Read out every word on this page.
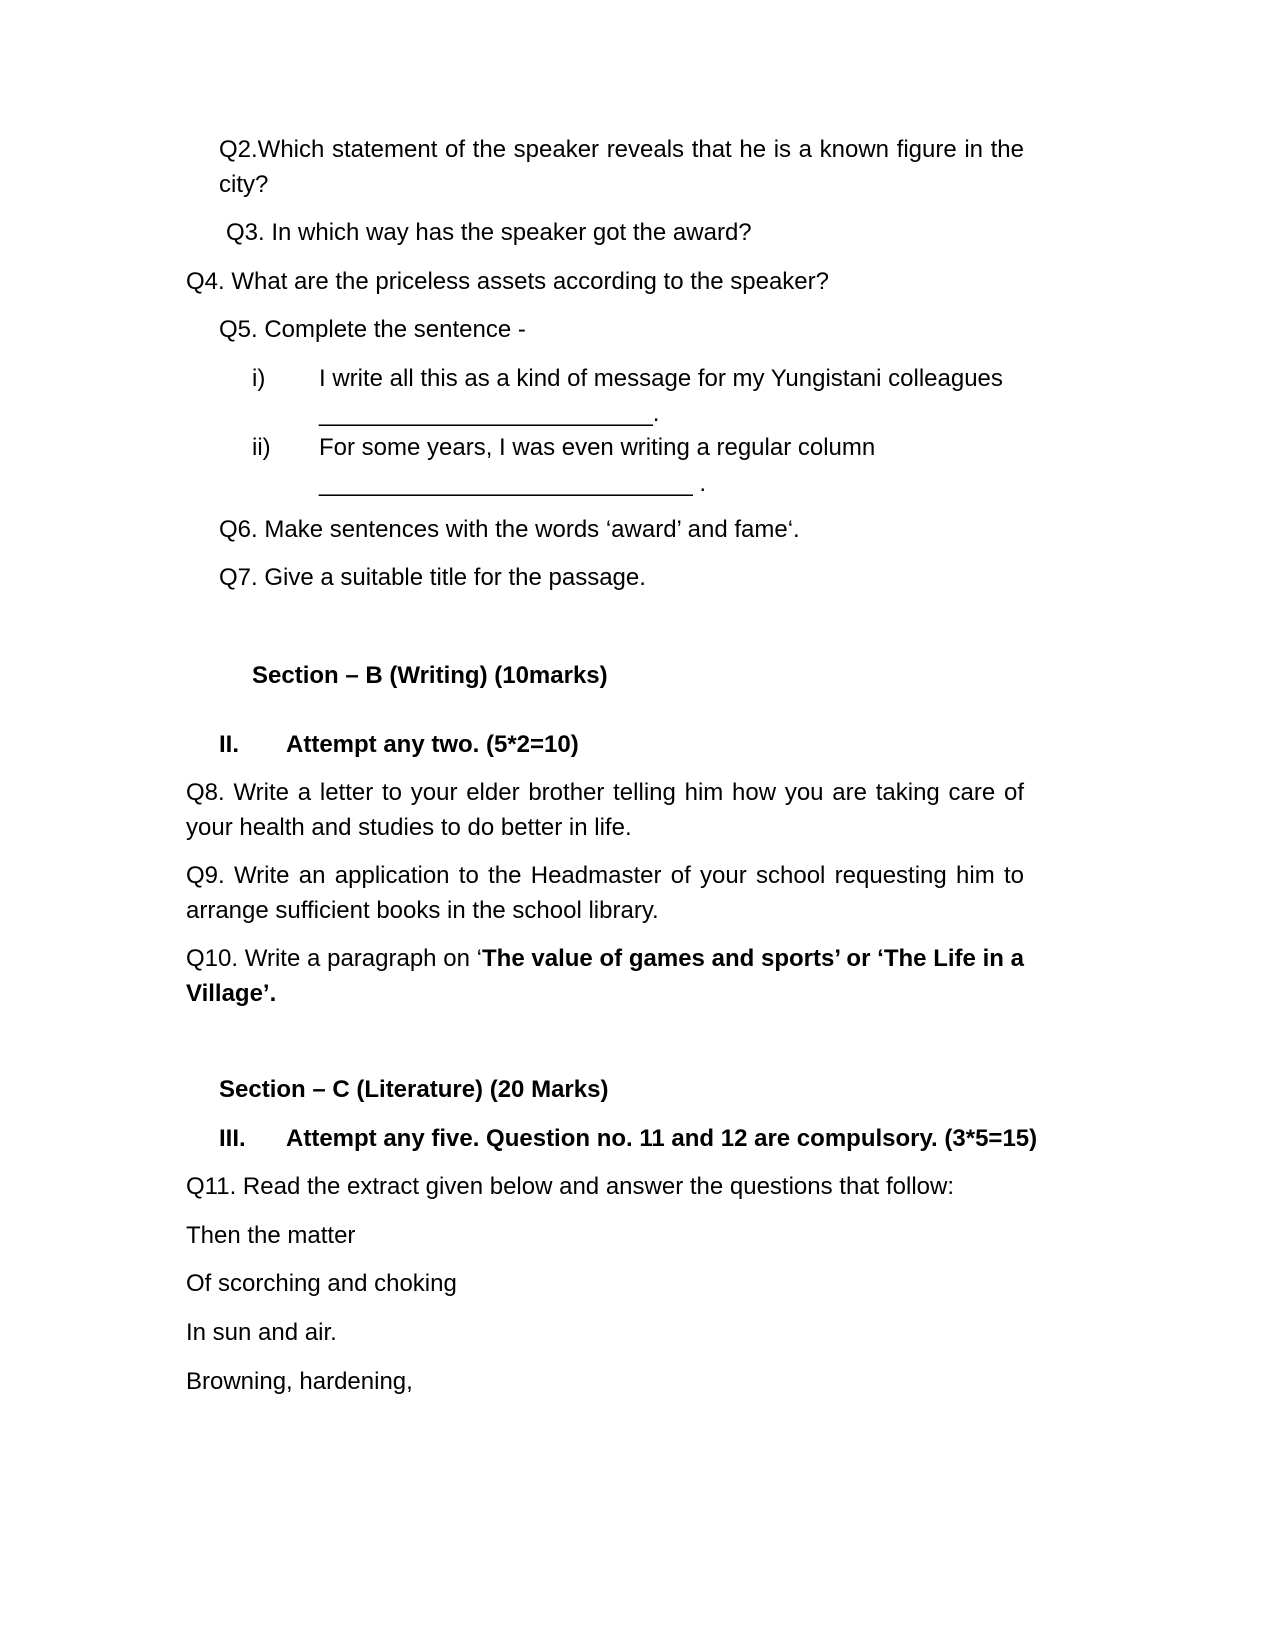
Q2.Which statement of the speaker reveals that he is a known figure in the city?
Q3. In which way has the speaker got the award?
Q4. What are the priceless assets according to the speaker?
Q5. Complete the sentence -
i) I write all this as a kind of message for my Yungistani colleagues
_________________________.
ii) For some years, I was even writing a regular column
____________________________ .
Q6. Make sentences with the words ‘award’ and fame‘.
Q7. Give a suitable title for the passage.
Section – B (Writing) (10marks)
II. Attempt any two. (5*2=10)
Q8. Write a letter to your elder brother telling him how you are taking care of your health and studies to do better in life.
Q9. Write an application to the Headmaster of your school requesting him to arrange sufficient books in the school library.
Q10. Write a paragraph on ‘The value of games and sports’ or ‘The Life in a Village’.
Section – C (Literature) (20 Marks)
III. Attempt any five. Question no. 11 and 12 are compulsory. (3*5=15)
Q11. Read the extract given below and answer the questions that follow:
Then the matter
Of scorching and choking
In sun and air.
Browning, hardening,
